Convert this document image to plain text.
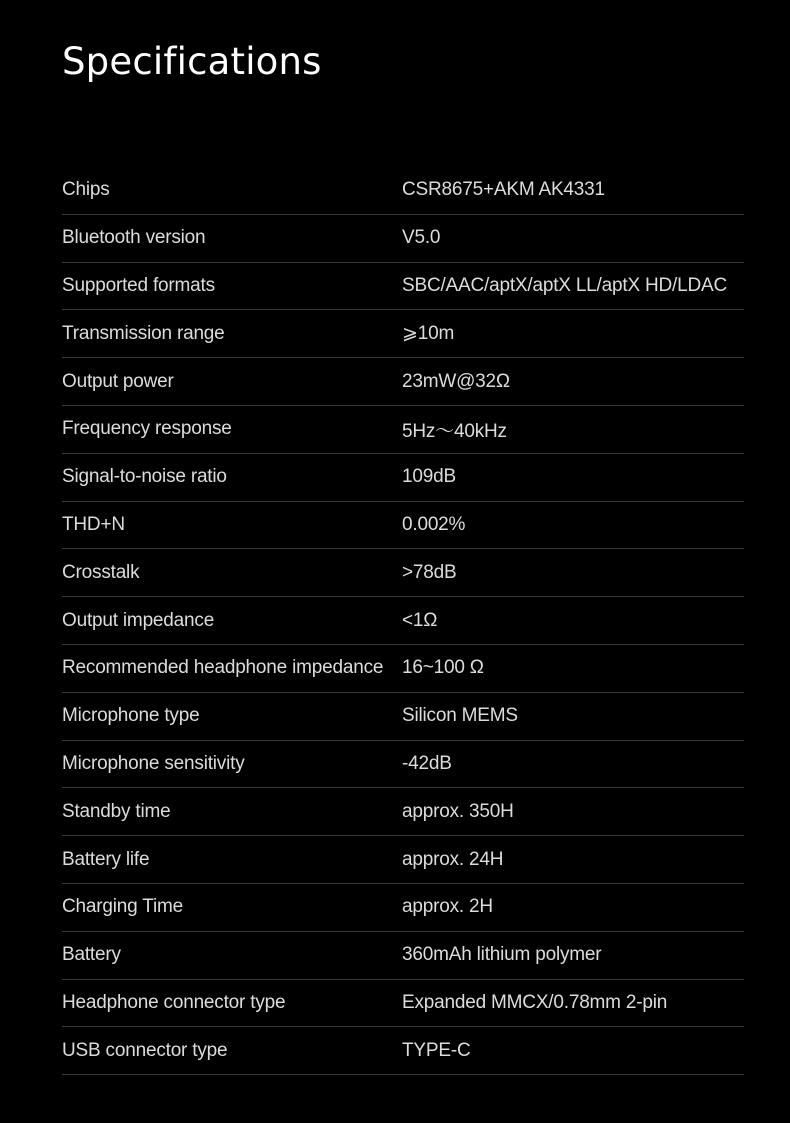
Specifications
Chips	CSR8675+AKM AK4331
Bluetooth version	V5.0
Supported formats	SBC/AAC/aptX/aptX LL/aptX HD/LDAC
Transmission range	⩾10m
Output power	23mW@32Ω
Frequency response	5Hz～40kHz
Signal-to-noise ratio	109dB
THD+N	0.002%
Crosstalk	>78dB
Output impedance	<1Ω
Recommended headphone impedance 16~100 Ω
Microphone type	Silicon MEMS
Microphone sensitivity	-42dB
Standby time	approx. 350H
Battery life	approx. 24H
Charging Time	approx. 2H
Battery	360mAh lithium polymer
Headphone connector type	Expanded MMCX/0.78mm 2-pin
USB connector type	TYPE-C
